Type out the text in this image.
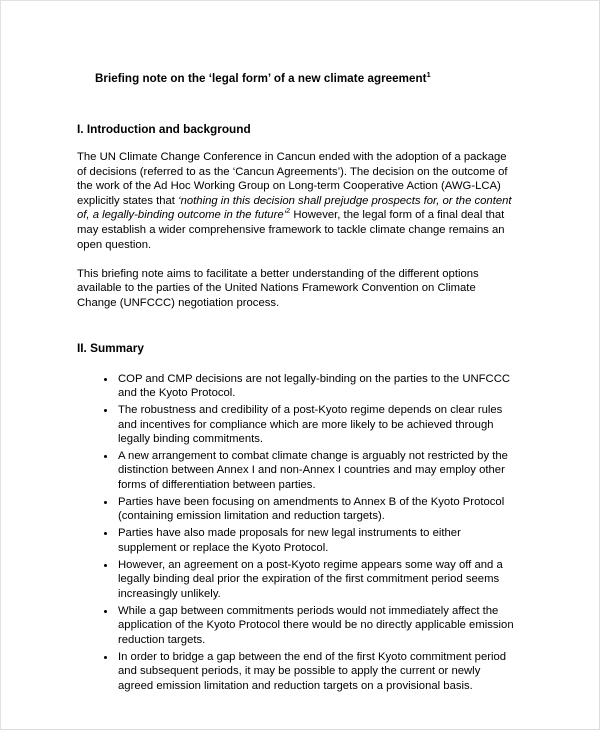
Briefing note on the ‘legal form’ of a new climate agreement$^1$
I. Introduction and background

The UN Climate Change Conference in Cancun ended with the adoption of a package of decisions (referred to as the ‘Cancun Agreements’). The decision on the outcome of the work of the Ad Hoc Working Group on Long-term Cooperative Action (AWG-LCA) explicitly states that ‘nothing in this decision shall prejudge prospects for, or the content of, a legally-binding outcome in the future’$^2$ However, the legal form of a final deal that may establish a wider comprehensive framework to tackle climate change remains an open question.

This briefing note aims to facilitate a better understanding of the different options available to the parties of the United Nations Framework Convention on Climate Change (UNFCCC) negotiation process.

II. Summary
COP and CMP decisions are not legally-binding on the parties to the UNFCCC and the Kyoto Protocol.
The robustness and credibility of a post-Kyoto regime depends on clear rules and incentives for compliance which are more likely to be achieved through legally binding commitments.
A new arrangement to combat climate change is arguably not restricted by the distinction between Annex I and non-Annex I countries and may employ other forms of differentiation between parties.
Parties have been focusing on amendments to Annex B of the Kyoto Protocol (containing emission limitation and reduction targets).
Parties have also made proposals for new legal instruments to either supplement or replace the Kyoto Protocol.
However, an agreement on a post-Kyoto regime appears some way off and a legally binding deal prior the expiration of the first commitment period seems increasingly unlikely.
While a gap between commitments periods would not immediately affect the application of the Kyoto Protocol there would be no directly applicable emission reduction targets.
In order to bridge a gap between the end of the first Kyoto commitment period and subsequent periods, it may be possible to apply the current or newly agreed emission limitation and reduction targets on a provisional basis.
